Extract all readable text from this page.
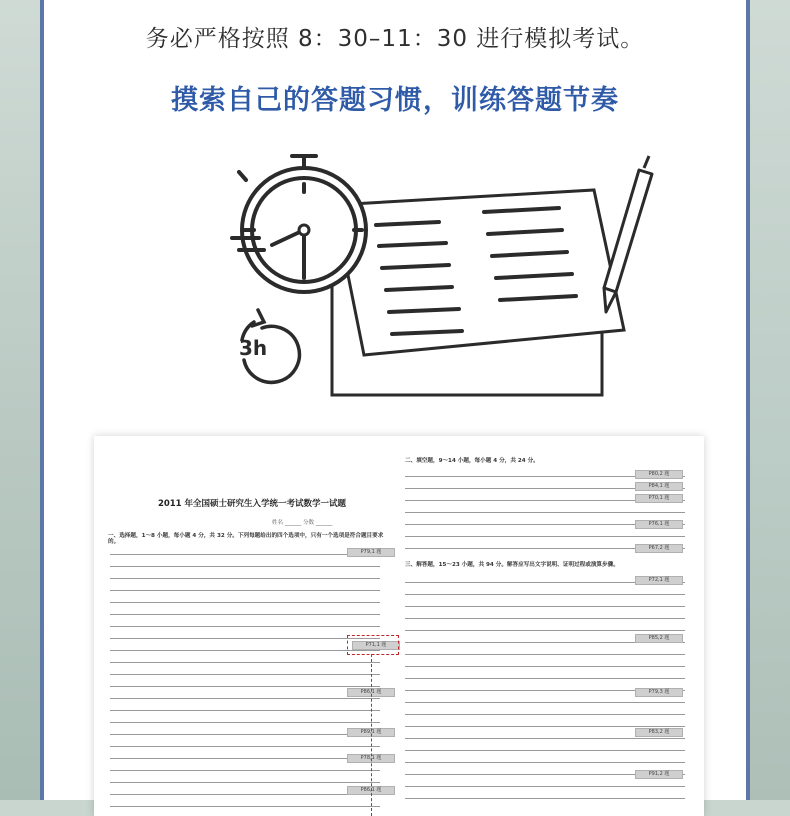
务必严格按照 8：30–11：30 进行模拟考试。
摸索自己的答题习惯，训练答题节奏
3h
2011 年全国硕士研究生入学统一考试数学一试题
姓名 ______ 分数 ______
一、选择题，1～8 小题，每小题 4 分，共 32 分。下列每题给出的四个选项中，只有一个选项是符合题目要求的。
P79,1 题
P71,1 题
P86,1 题
P89,1 题
P78,1 题
P86,1 题
二、填空题，9～14 小题，每小题 4 分，共 24 分。
三、解答题，15～23 小题，共 94 分。解答应写出文字说明、证明过程或演算步骤。
P80,2 题
P84,1 题
P70,1 题
P76,1 题
P67,2 题
P72,1 题
P85,2 题
P79,3 题
P83,2 题
P91,2 题
